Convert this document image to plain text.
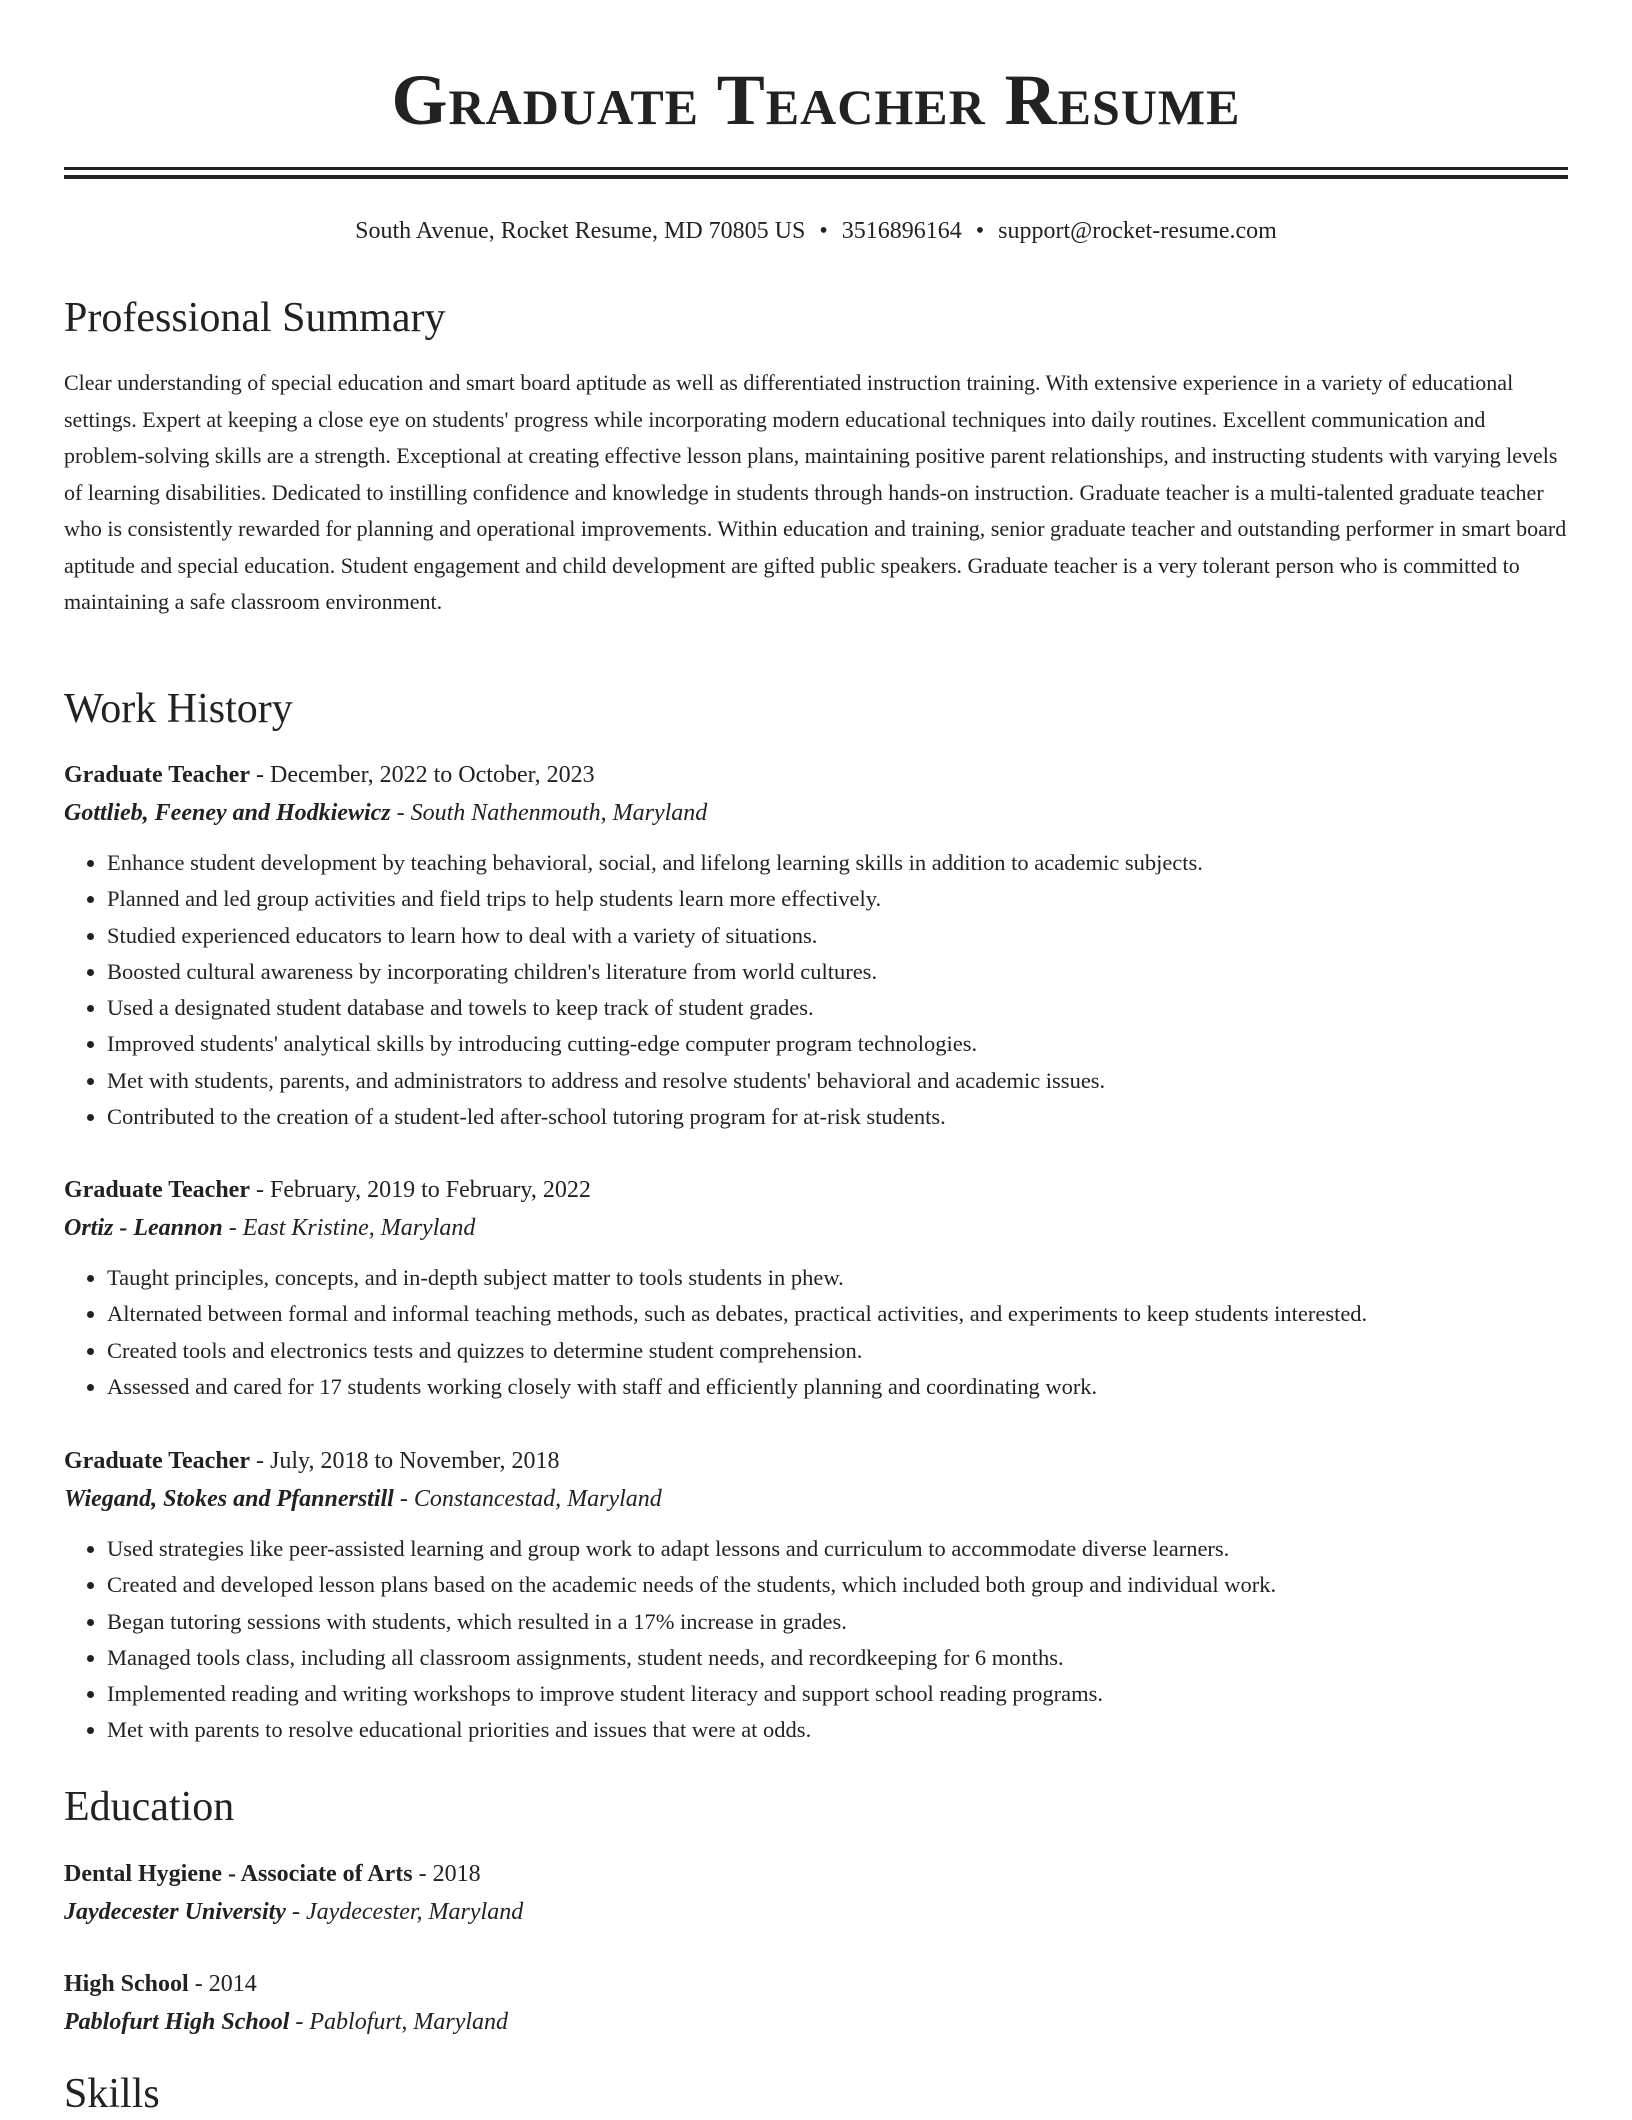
Graduate Teacher Resume
South Avenue, Rocket Resume, MD 70805 US • 3516896164 • support@rocket-resume.com
Professional Summary

Clear understanding of special education and smart board aptitude as well as differentiated instruction training. With extensive experience in a variety of educational settings. Expert at keeping a close eye on students' progress while incorporating modern educational techniques into daily routines. Excellent communication and problem-solving skills are a strength. Exceptional at creating effective lesson plans, maintaining positive parent relationships, and instructing students with varying levels of learning disabilities. Dedicated to instilling confidence and knowledge in students through hands-on instruction. Graduate teacher is a multi-talented graduate teacher who is consistently rewarded for planning and operational improvements. Within education and training, senior graduate teacher and outstanding performer in smart board aptitude and special education. Student engagement and child development are gifted public speakers. Graduate teacher is a very tolerant person who is committed to maintaining a safe classroom environment.

Work History
Graduate Teacher - December, 2022 to October, 2023
Gottlieb, Feeney and Hodkiewicz - South Nathenmouth, Maryland
• Enhance student development by teaching behavioral, social, and lifelong learning skills in addition to academic subjects.
• Planned and led group activities and field trips to help students learn more effectively.
• Studied experienced educators to learn how to deal with a variety of situations.
• Boosted cultural awareness by incorporating children's literature from world cultures.
• Used a designated student database and towels to keep track of student grades.
• Improved students' analytical skills by introducing cutting-edge computer program technologies.
• Met with students, parents, and administrators to address and resolve students' behavioral and academic issues.
• Contributed to the creation of a student-led after-school tutoring program for at-risk students.
Graduate Teacher - February, 2019 to February, 2022
Ortiz - Leannon - East Kristine, Maryland
• Taught principles, concepts, and in-depth subject matter to tools students in phew.
• Alternated between formal and informal teaching methods, such as debates, practical activities, and experiments to keep students interested.
• Created tools and electronics tests and quizzes to determine student comprehension.
• Assessed and cared for 17 students working closely with staff and efficiently planning and coordinating work.
Graduate Teacher - July, 2018 to November, 2018
Wiegand, Stokes and Pfannerstill - Constancestad, Maryland
• Used strategies like peer-assisted learning and group work to adapt lessons and curriculum to accommodate diverse learners.
• Created and developed lesson plans based on the academic needs of the students, which included both group and individual work.
• Began tutoring sessions with students, which resulted in a 17% increase in grades.
• Managed tools class, including all classroom assignments, student needs, and recordkeeping for 6 months.
• Implemented reading and writing workshops to improve student literacy and support school reading programs.
• Met with parents to resolve educational priorities and issues that were at odds.
Education
Dental Hygiene - Associate of Arts - 2018
Jaydecester University - Jaydecester, Maryland
High School - 2014
Pablofurt High School - Pablofurt, Maryland
Skills
